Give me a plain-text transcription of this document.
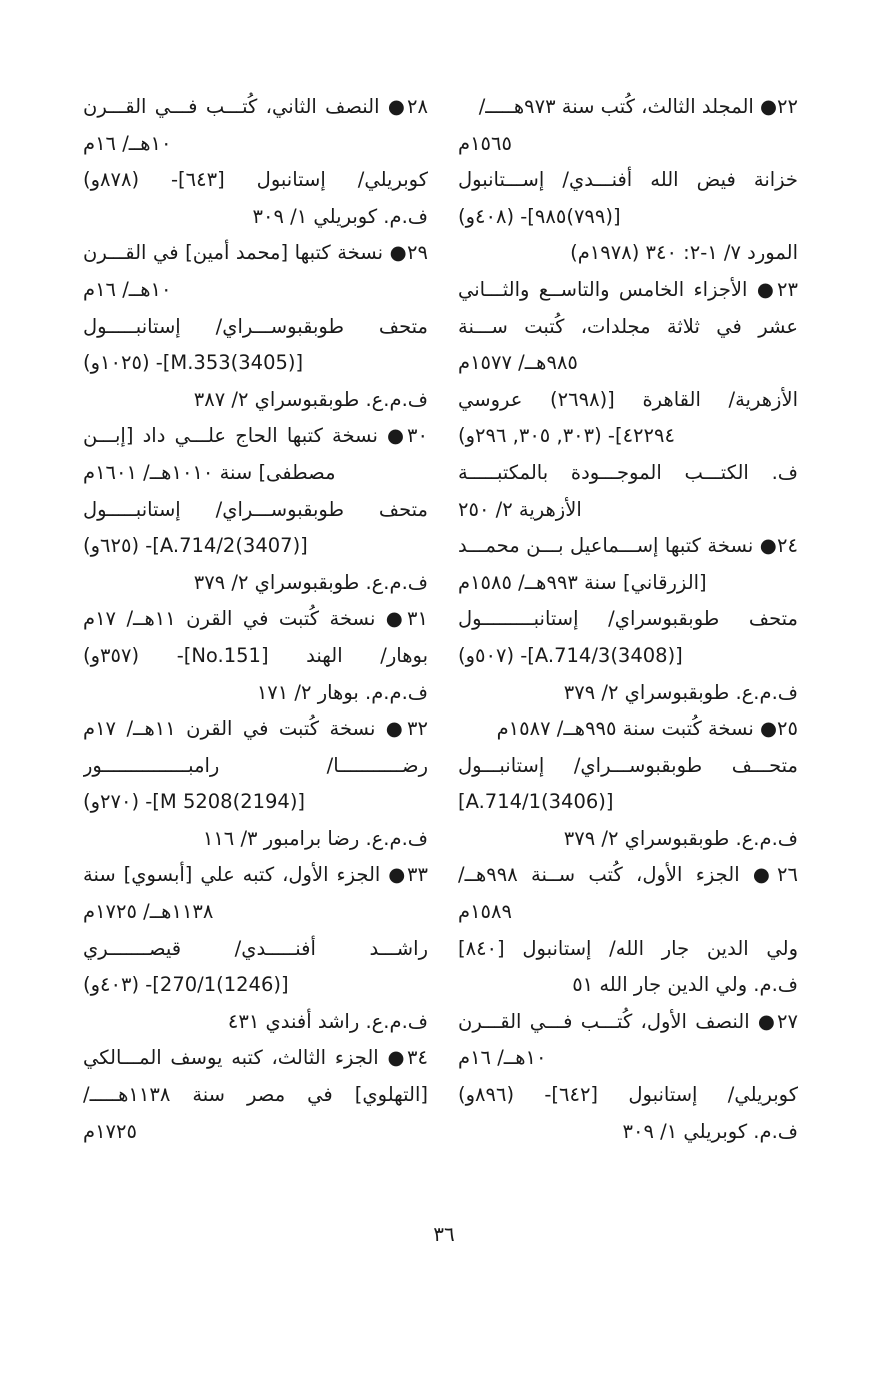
٢٢● المجلد الثالث، كُتب سنة ٩٧٣هـــــ/
١٥٦٥م
خزانة فيض الله أفنـــدي/ إســـتانبول
[(٧٩٩)٩٨٥]- (٤٠٨و)
المورد ٧/ ١-٢: ٣٤٠ (١٩٧٨م)
٢٣● الأجزاء الخامس والتاســع والثـــاني
عشر في ثلاثة مجلدات، كُتبت ســـنة
٩٨٥هــ/ ١٥٧٧م
الأزهرية/ القاهرة [(٢٦٩٨) عروسي
٤٢٢٩٤]- (٣٠٣, ٣٠٥, ٢٩٦و)
ف. الكتـــب الموجـــودة بالمكتبـــــة
الأزهرية ٢/ ٢٥٠
٢٤● نسخة كتبها إســـماعيل بـــن محمـــد
[الزرقاني] سنة ٩٩٣هــ/ ١٥٨٥م
متحف طوبقبوسراي/ إستانبـــــــــول
[(3408)A.714/3]- (٥٠٧و)
ف.م.ع. طوبقبوسراي ٢/ ٣٧٩
٢٥● نسخة كُتبت سنة ٩٩٥هــ/ ١٥٨٧م
متحـــف طوبقبوســـراي/ إستانبـــول
[(3406)A.714/1]
ف.م.ع. طوبقبوسراي ٢/ ٣٧٩
٢٦● الجزء الأول، كُتب ســنة ٩٩٨هــ/
١٥٨٩م
ولي الدين جار الله/ إستانبول [٨٤٠]
ف.م. ولي الدين جار الله ٥١
٢٧● النصف الأول، كُتـــب فـــي القـــرن
١٠هــ/ ١٦م
كوبريلي/ إستانبول [٦٤٢]- (٨٩٦و)
ف.م. كوبريلي ١/ ٣٠٩
٢٨● النصف الثاني، كُتـــب فـــي القـــرن
١٠هــ/ ١٦م
كوبريلي/ إستانبول [٦٤٣]- (٨٧٨و)
ف.م. كوبريلي ١/ ٣٠٩
٢٩● نسخة كتبها [محمد أمين] في القـــرن
١٠هــ/ ١٦م
متحف طوبقبوســـراي/ إستانبـــــول
[(3405)M.353]- (١٠٢٥و)
ف.م.ع. طوبقبوسراي ٢/ ٣٨٧
٣٠● نسخة كتبها الحاج علـــي داد [إبـــن
مصطفى] سنة ١٠١٠هــ/ ١٦٠١م
متحف طوبقبوســـراي/ إستانبـــــول
[(3407)A.714/2]- (٦٢٥و)
ف.م.ع. طوبقبوسراي ٢/ ٣٧٩
٣١● نسخة كُتبت في القرن ١١هــ/ ١٧م
بوهار/ الهند [No.151]- (٣٥٧و)
ف.م.م. بوهار ٢/ ١٧١
٣٢● نسخة كُتبت في القرن ١١هــ/ ١٧م
رضـــــــــــا/ رامبـــــــــــــــور
[(2194)5208 M]- (٢٧٠و)
ف.م.ع. رضا برامبور ٣/ ١١٦
٣٣● الجزء الأول، كتبه علي [أبسوي] سنة
١١٣٨هــ/ ١٧٢٥م
راشـــد أفنـــــدي/ قيصـــــــري
[(1246)270/1]- (٤٠٣و)
ف.م.ع. راشد أفندي ٤٣١
٣٤● الجزء الثالث، كتبه يوسف المـــالكي
[التهلوي] في مصر سنة ١١٣٨هـــــ/
١٧٢٥م
٣٦
